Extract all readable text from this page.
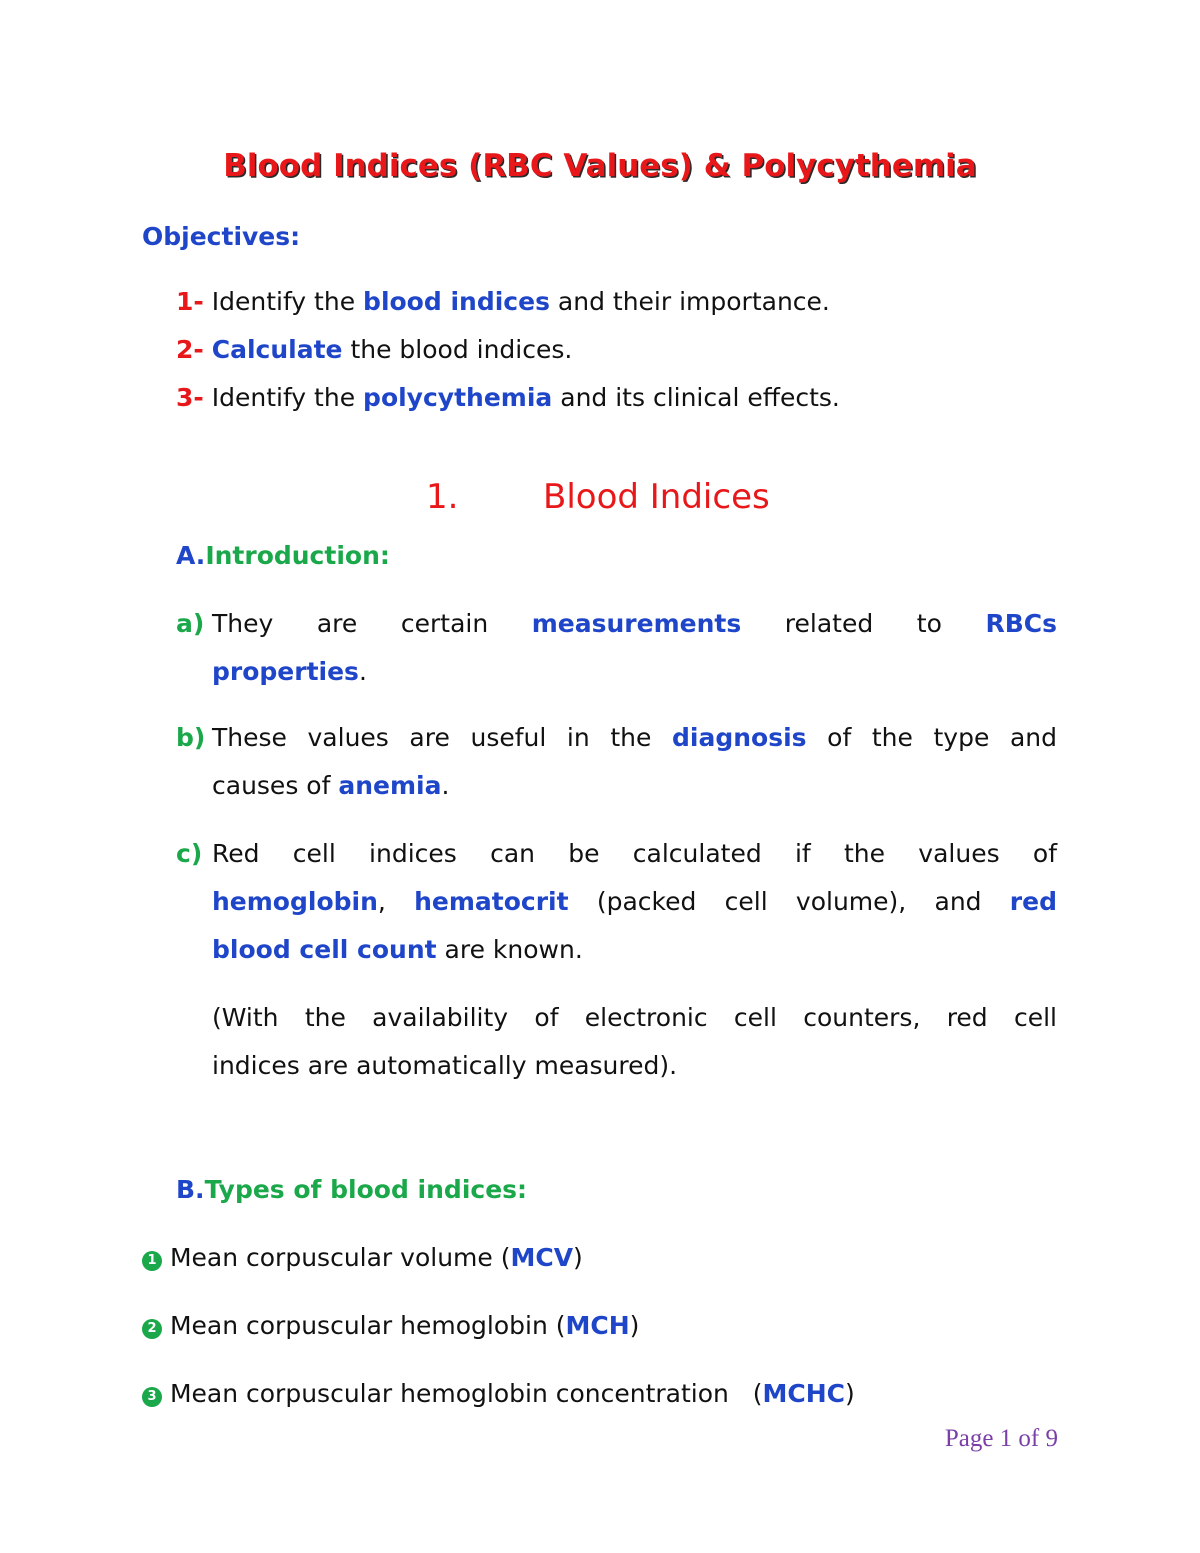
Blood Indices (RBC Values) & Polycythemia
Objectives:
1- Identify the blood indices and their importance.
2- Calculate the blood indices.
3- Identify the polycythemia and its clinical effects.
1. Blood Indices
A.Introduction:
a) They are certain measurements related to RBCs
properties.
b) These values are useful in the diagnosis of the type and
causes of anemia.
c) Red cell indices can be calculated if the values of
hemoglobin, hematocrit (packed cell volume), and red
blood cell count are known.
(With the availability of electronic cell counters, red cell
indices are automatically measured).
B.Types of blood indices:
1 Mean corpuscular volume (MCV)
2 Mean corpuscular hemoglobin (MCH)
3 Mean corpuscular hemoglobin concentration   (MCHC)
Page 1 of 9
